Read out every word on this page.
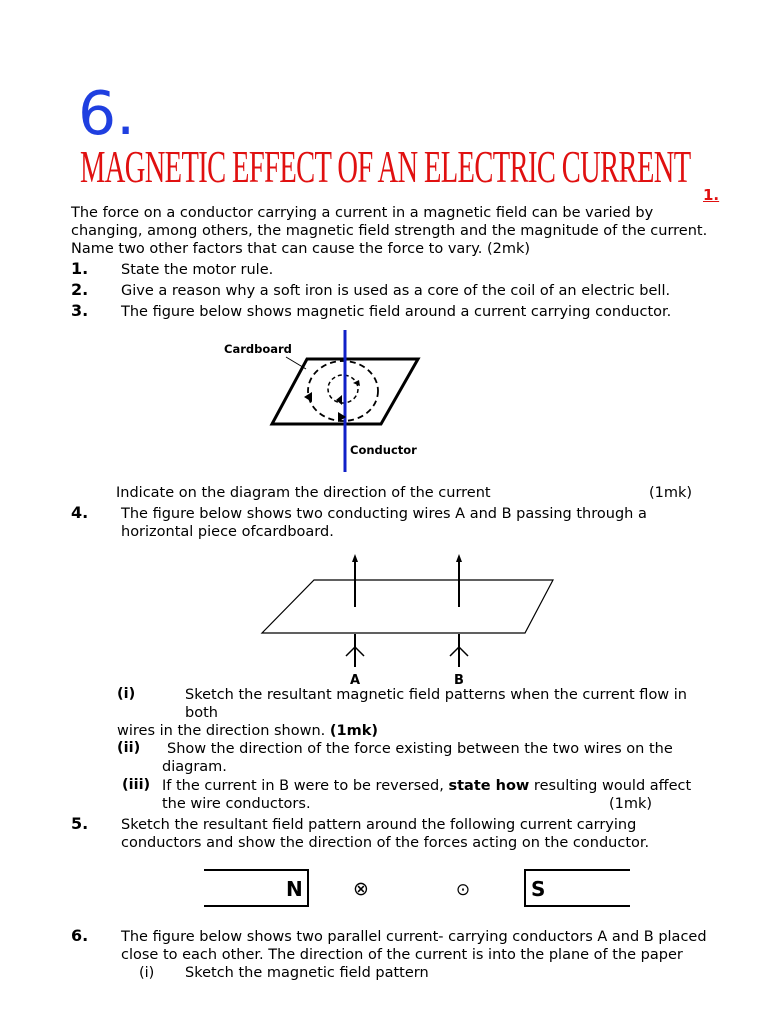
6.
MAGNETIC EFFECT OF AN ELECTRIC CURRENT
1.
The force on a conductor carrying a current in a magnetic field can be varied by
changing, among others, the magnetic field strength and the magnitude of the current.
Name two other factors that can cause the force to vary. (2mk)
1. State the motor rule.
2. Give a reason why a soft iron is used as a core of the coil of an electric bell.
3. The figure below shows magnetic field around a current carrying conductor.
Cardboard
Conductor
Indicate on the diagram the direction of the current	(1mk)
4. The figure below shows two conducting wires A and B passing through a
horizontal piece ofcardboard.
A	B
(i)	Sketch the resultant magnetic field patterns when the current flow in
both
wires in the direction shown. (1mk)
(ii) Show the direction of the force existing between the two wires on the
diagram.
(iii) If the current in B were to be reversed, state how resulting would affect
the wire conductors.	(1mk)
5. Sketch the resultant field pattern around the following current carrying
conductors and show the direction of the forces acting on the conductor.
N	⊗	⊙	S
6. The figure below shows two parallel current- carrying conductors A and B placed
close to each other. The direction of the current is into the plane of the paper
(i) Sketch the magnetic field pattern
